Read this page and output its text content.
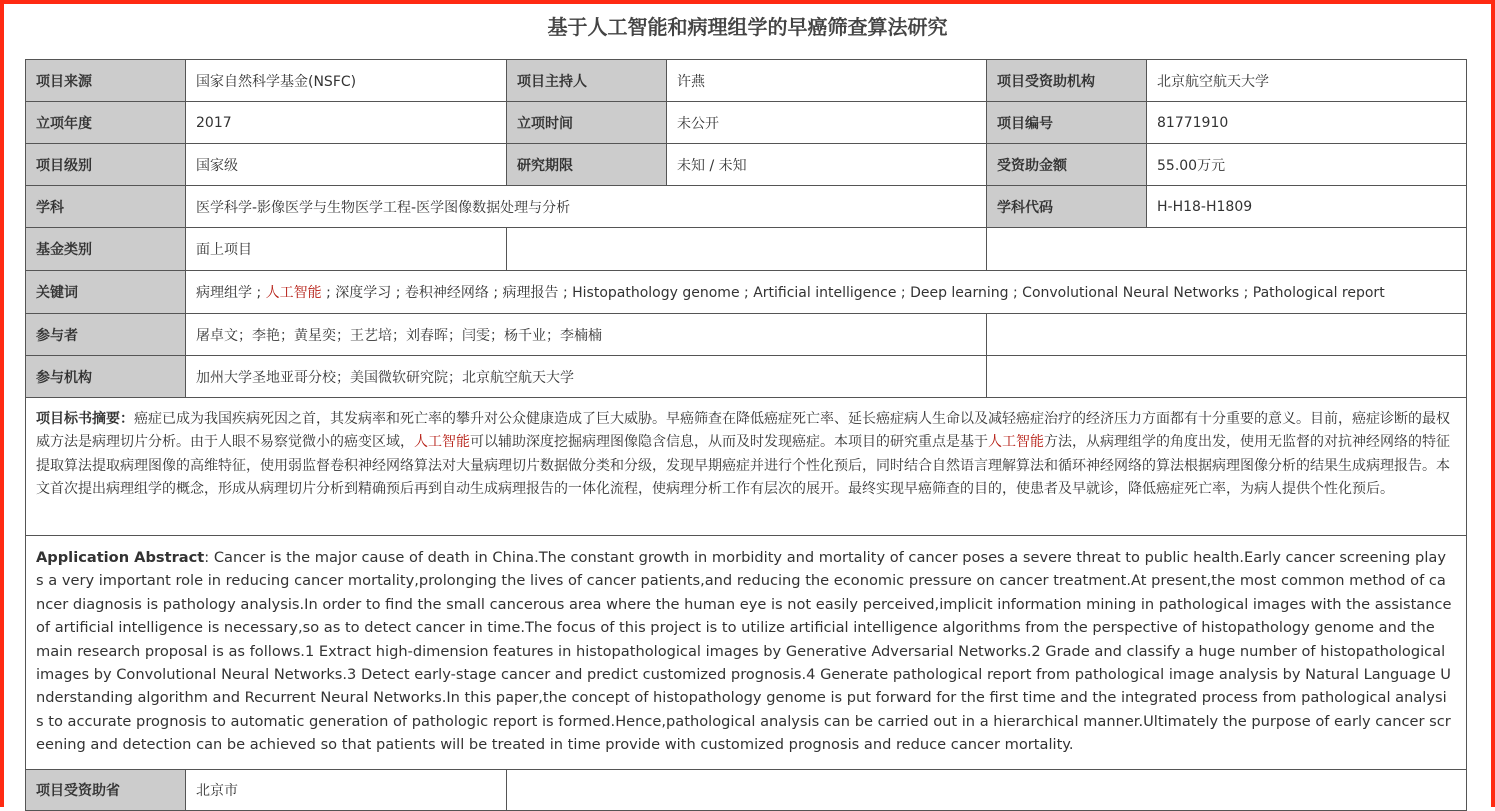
基于人工智能和病理组学的早癌筛查算法研究
项目来源	国家自然科学基金(NSFC)	项目主持人	许燕	项目受资助机构	北京航空航天大学
立项年度	2017	立项时间	未公开	项目编号	81771910
项目级别	国家级	研究期限	未知 / 未知	受资助金额	55.00万元
学科	医学科学-影像医学与生物医学工程-医学图像数据处理与分析			学科代码	H-H18-H1809
基金类别	面上项目				
关键词	病理组学 ; 人工智能 ; 深度学习 ; 卷积神经网络 ; 病理报告 ; Histopathology genome ; Artificial intelligence ; Deep learning ; Convolutional Neural Networks ; Pathological report				
参与者	屠卓文；李艳；黄星奕；王艺培；刘春晖；闫雯；杨千业；李楠楠				
参与机构	加州大学圣地亚哥分校；美国微软研究院；北京航空航天大学				
项目标书摘要：癌症已成为我国疾病死因之首，其发病率和死亡率的攀升对公众健康造成了巨大威胁。早癌筛查在降低癌症死亡率、延长癌症病人生命以及减轻癌症治疗的经济压力方面都有十分重要的意义。目前，癌症诊断的最权威方法是病理切片分析。由于人眼不易察觉微小的癌变区域，人工智能可以辅助深度挖掘病理图像隐含信息，从而及时发现癌症。本项目的研究重点是基于人工智能方法，从病理组学的角度出发，使用无监督的对抗神经网络的特征提取算法提取病理图像的高维特征，使用弱监督卷积神经网络算法对大量病理切片数据做分类和分级，发现早期癌症并进行个性化预后，同时结合自然语言理解算法和循环神经网络的算法根据病理图像分析的结果生成病理报告。本文首次提出病理组学的概念，形成从病理切片分析到精确预后再到自动生成病理报告的一体化流程，使病理分析工作有层次的展开。最终实现早癌筛查的目的，使患者及早就诊，降低癌症死亡率，为病人提供个性化预后。					
Application Abstract: Cancer is the major cause of death in China.The constant growth in morbidity and mortality of cancer poses a severe threat to public health.Early cancer screening plays a very important role in reducing cancer mortality,prolonging the lives of cancer patients,and reducing the economic pressure on cancer treatment.At present,the most common method of cancer diagnosis is pathology analysis.In order to find the small cancerous area where the human eye is not easily perceived,implicit information mining in pathological images with the assistance of artificial intelligence is necessary,so as to detect cancer in time.The focus of this project is to utilize artificial intelligence algorithms from the perspective of histopathology genome and the main research proposal is as follows.1 Extract high-dimension features in histopathological images by Generative Adversarial Networks.2 Grade and classify a huge number of histopathological images by Convolutional Neural Networks.3 Detect early-stage cancer and predict customized prognosis.4 Generate pathological report from pathological image analysis by Natural Language Understanding algorithm and Recurrent Neural Networks.In this paper,the concept of histopathology genome is put forward for the first time and the integrated process from pathological analysis to accurate prognosis to automatic generation of pathologic report is formed.Hence,pathological analysis can be carried out in a hierarchical manner.Ultimately the purpose of early cancer screening and detection can be achieved so that patients will be treated in time provide with customized prognosis and reduce cancer mortality.					
项目受资助省	北京市				
